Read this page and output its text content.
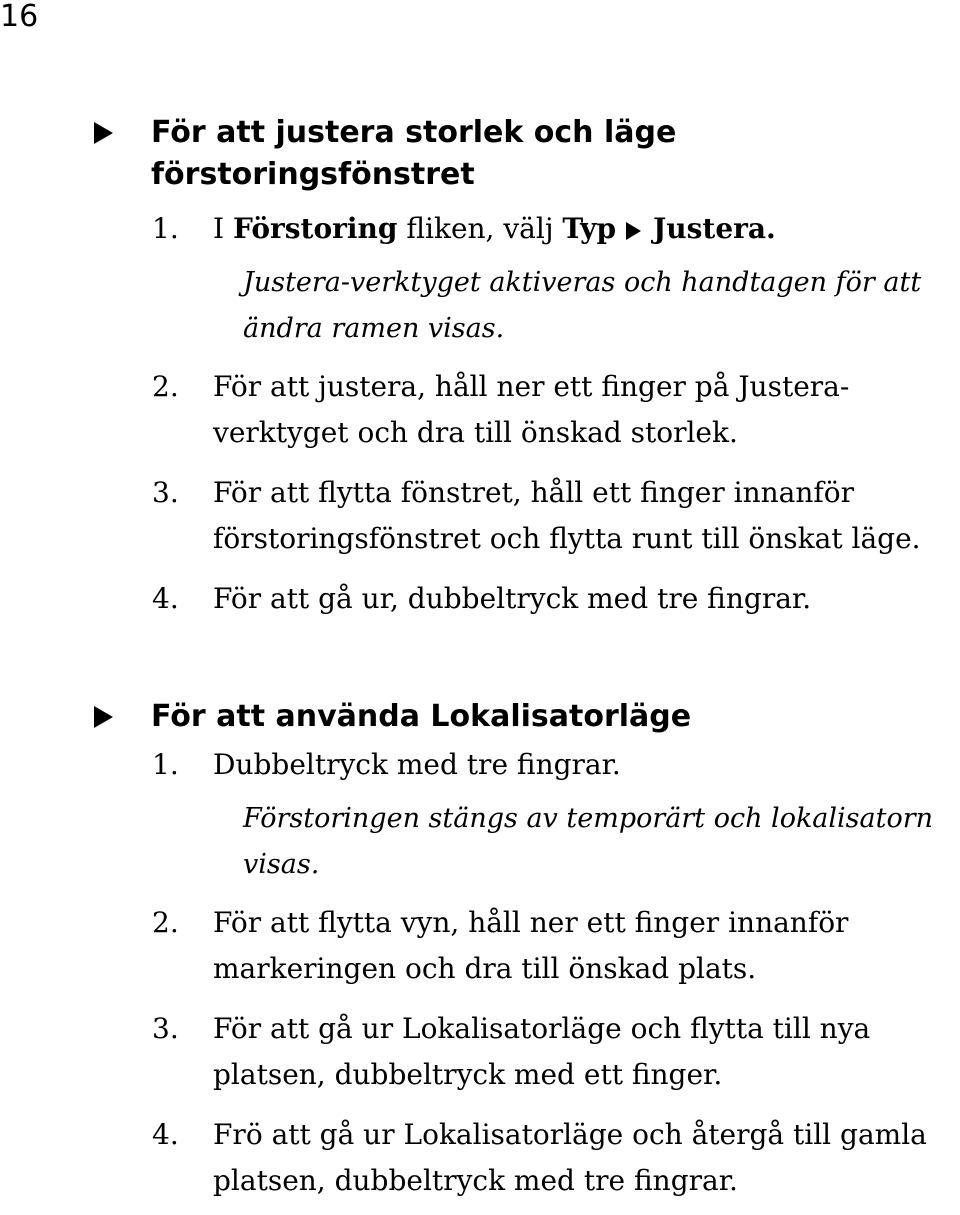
16
För att justera storlek och läge
förstoringsfönstret
1. I Förstoring fliken, välj Typ Justera.
Justera-verktyget aktiveras och handtagen för att
ändra ramen visas.
2. För att justera, håll ner ett finger på Justera-
verktyget och dra till önskad storlek.
3. För att flytta fönstret, håll ett finger innanför
förstoringsfönstret och flytta runt till önskat läge.
4. För att gå ur, dubbeltryck med tre fingrar.
För att använda Lokalisatorläge
1. Dubbeltryck med tre fingrar.
Förstoringen stängs av temporärt och lokalisatorn
visas.
2. För att flytta vyn, håll ner ett finger innanför
markeringen och dra till önskad plats.
3. För att gå ur Lokalisatorläge och flytta till nya
platsen, dubbeltryck med ett finger.
4. Frö att gå ur Lokalisatorläge och återgå till gamla
platsen, dubbeltryck med tre fingrar.
